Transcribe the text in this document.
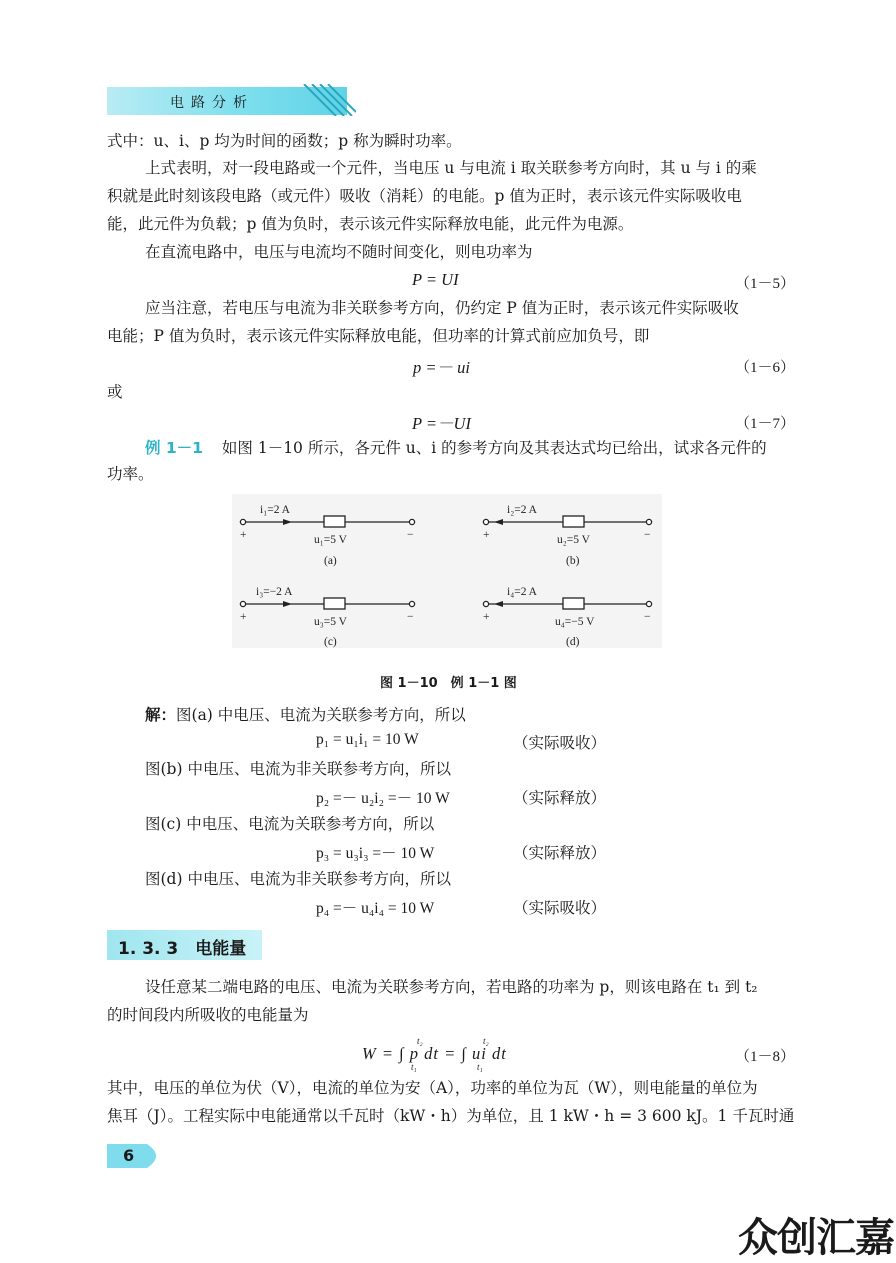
电路分析
式中：u、i、p 均为时间的函数；p 称为瞬时功率。
上式表明，对一段电路或一个元件，当电压 u 与电流 i 取关联参考方向时，其 u 与 i 的乘
积就是此时刻该段电路（或元件）吸收（消耗）的电能。p 值为正时，表示该元件实际吸收电
能，此元件为负载；p 值为负时，表示该元件实际释放电能，此元件为电源。
在直流电路中，电压与电流均不随时间变化，则电功率为
P = UI	（1－5）
应当注意，若电压与电流为非关联参考方向，仍约定 P 值为正时，表示该元件实际吸收
电能；P 值为负时，表示该元件实际释放电能，但功率的计算式前应加负号，即
p =－ ui	（1－6）
或
P =－UI	（1－7）
例 1－1 如图 1－10 所示，各元件 u、i 的参考方向及其表达式均已给出，试求各元件的
功率。
i₁=2 A
u₁=5 V
(a)
+	−
i₂=2 A
u₂=5 V
(b)
+	−
i₃=−2 A
u₃=5 V
(c)
+	−
i₄=2 A
u₄=−5 V
(d)
+	−
图 1－10　例 1－1 图
解：图(a) 中电压、电流为关联参考方向，所以
p₁ = u₁i₁ = 10 W	（实际吸收）
图(b) 中电压、电流为非关联参考方向，所以
p₂ =－ u₂i₂ =－ 10 W	（实际释放）
图(c) 中电压、电流为关联参考方向，所以
p₃ = u₃i₃ =－ 10 W	（实际释放）
图(d) 中电压、电流为非关联参考方向，所以
p₄ =－ u₄i₄ = 10 W	（实际吸收）
1. 3. 3　电能量
设任意某二端电路的电压、电流为关联参考方向，若电路的功率为 p，则该电路在 t₁ 到 t₂
的时间段内所吸收的电能量为
W = ∫ p dt = ∫ ui dt
t₂
t₁
t₂
t₁
（1－8）
其中，电压的单位为伏（V），电流的单位为安（A），功率的单位为瓦（W），则电能量的单位为
焦耳（J）。工程实际中电能通常以千瓦时（kW・h）为单位，且 1 kW・h = 3 600 kJ。1 千瓦时通
6
众创汇嘉
